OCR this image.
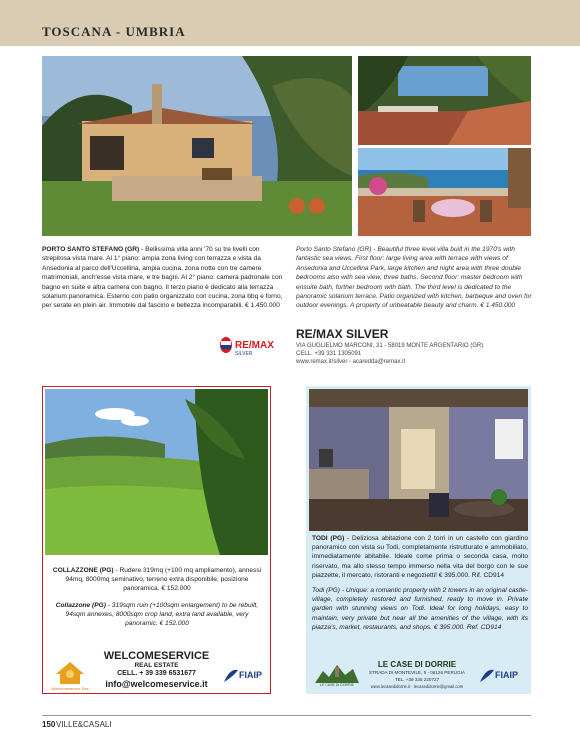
TOSCANA - UMBRIA
PORTO SANTO STEFANO (GR) - Bellissima villa anni '70 su tre livelli con strepitosa vista mare. Al 1° piano: ampia zona living con terrazza e vista da Ansedonia al parco dell'Uccellina, ampia cucina, zona notte con tre camere matrimoniali, anch'esse vista mare, e tre bagni. Al 2° piano: camera padronale con bagno en suite e altra camera con bagno. Il terzo piano è dedicato alla terrazza solarium panoramica. Esterno con patio organizzato con cucina, zona bbq e forno, per serate en plein air. Immobile dal fascino e bellezza incomparabili. € 1.450.000
Porto Santo Stefano (GR) - Beautiful three level villa built in the 1970's with fantastic sea views. First floor: large living area with terrace with views of Ansedonia and Uccellina Park, large kitchen and night area with three double bedrooms also with sea view, three baths. Second floor: master bedroom with ensuite bath, further bedroom with bath. The third level is dedicated to the panoramic solarium terrace. Patio organized with kitchen, barbeque and oven for outdoor evenings. A property of unbeatable beauty and charm. € 1.450.000
RE/MAX
SILVER
RE/MAX SILVER
VIA GUGLIELMO MARCONI, 31 - 58019 MONTE ARGENTARIO (GR)
CELL. +39 331 1305091
www.remax.it/silver - acaredda@remax.it
COLLAZZONE (PG) - Rudere 319mq (+100 mq ampliamento), annessi 94mq, 8000mq seminativo, terreno extra disponibile, posizione panoramica. € 152.000
Collazzone (PG) - 319sqm ruin (+100sqm enlargement) to be rebuilt, 94sqm annexes, 8000sqm crop land, extra land available, very panoramic. € 152.000
WELCOMESERVICE
REAL ESTATE
CELL. + 39 339 6531677
info@welcomeservice.it
Welcomeservice Sas
FIAIP
TODI (PG) - Deliziosa abitazione con 2 torri in un castello con giardino panoramico con vista su Todi, completamente ristrutturato e ammobiliato, immediatamente abitabile. Ideale come prima o seconda casa, molto riservato, ma allo stesso tempo immerso nella vita del borgo con le sue piazzette, il mercato, ristoranti e negozietti! € 395.000. Rif. CD914
Todi (PG) - Unique: a romantic property with 2 towers in an original castle-village, completely restored and furnished, ready to move in. Private garden with stunning views on Todi. Ideal for long holidays, easy to maintain, very private but near all the amenities of the village, with its piazza's, market, restaurants, and shops. € 395.000. Ref. CD914
LE CASE DI DORRIE
LE CASE DI DORRIE
STRADA DI MONTEVILE, 5 - 06126 PERUGIA
TEL. +39 335 220727
www.lecasedidorrie.it - lecasedidorrie@gmail.com
FIAIP
150 VILLE&CASALI
